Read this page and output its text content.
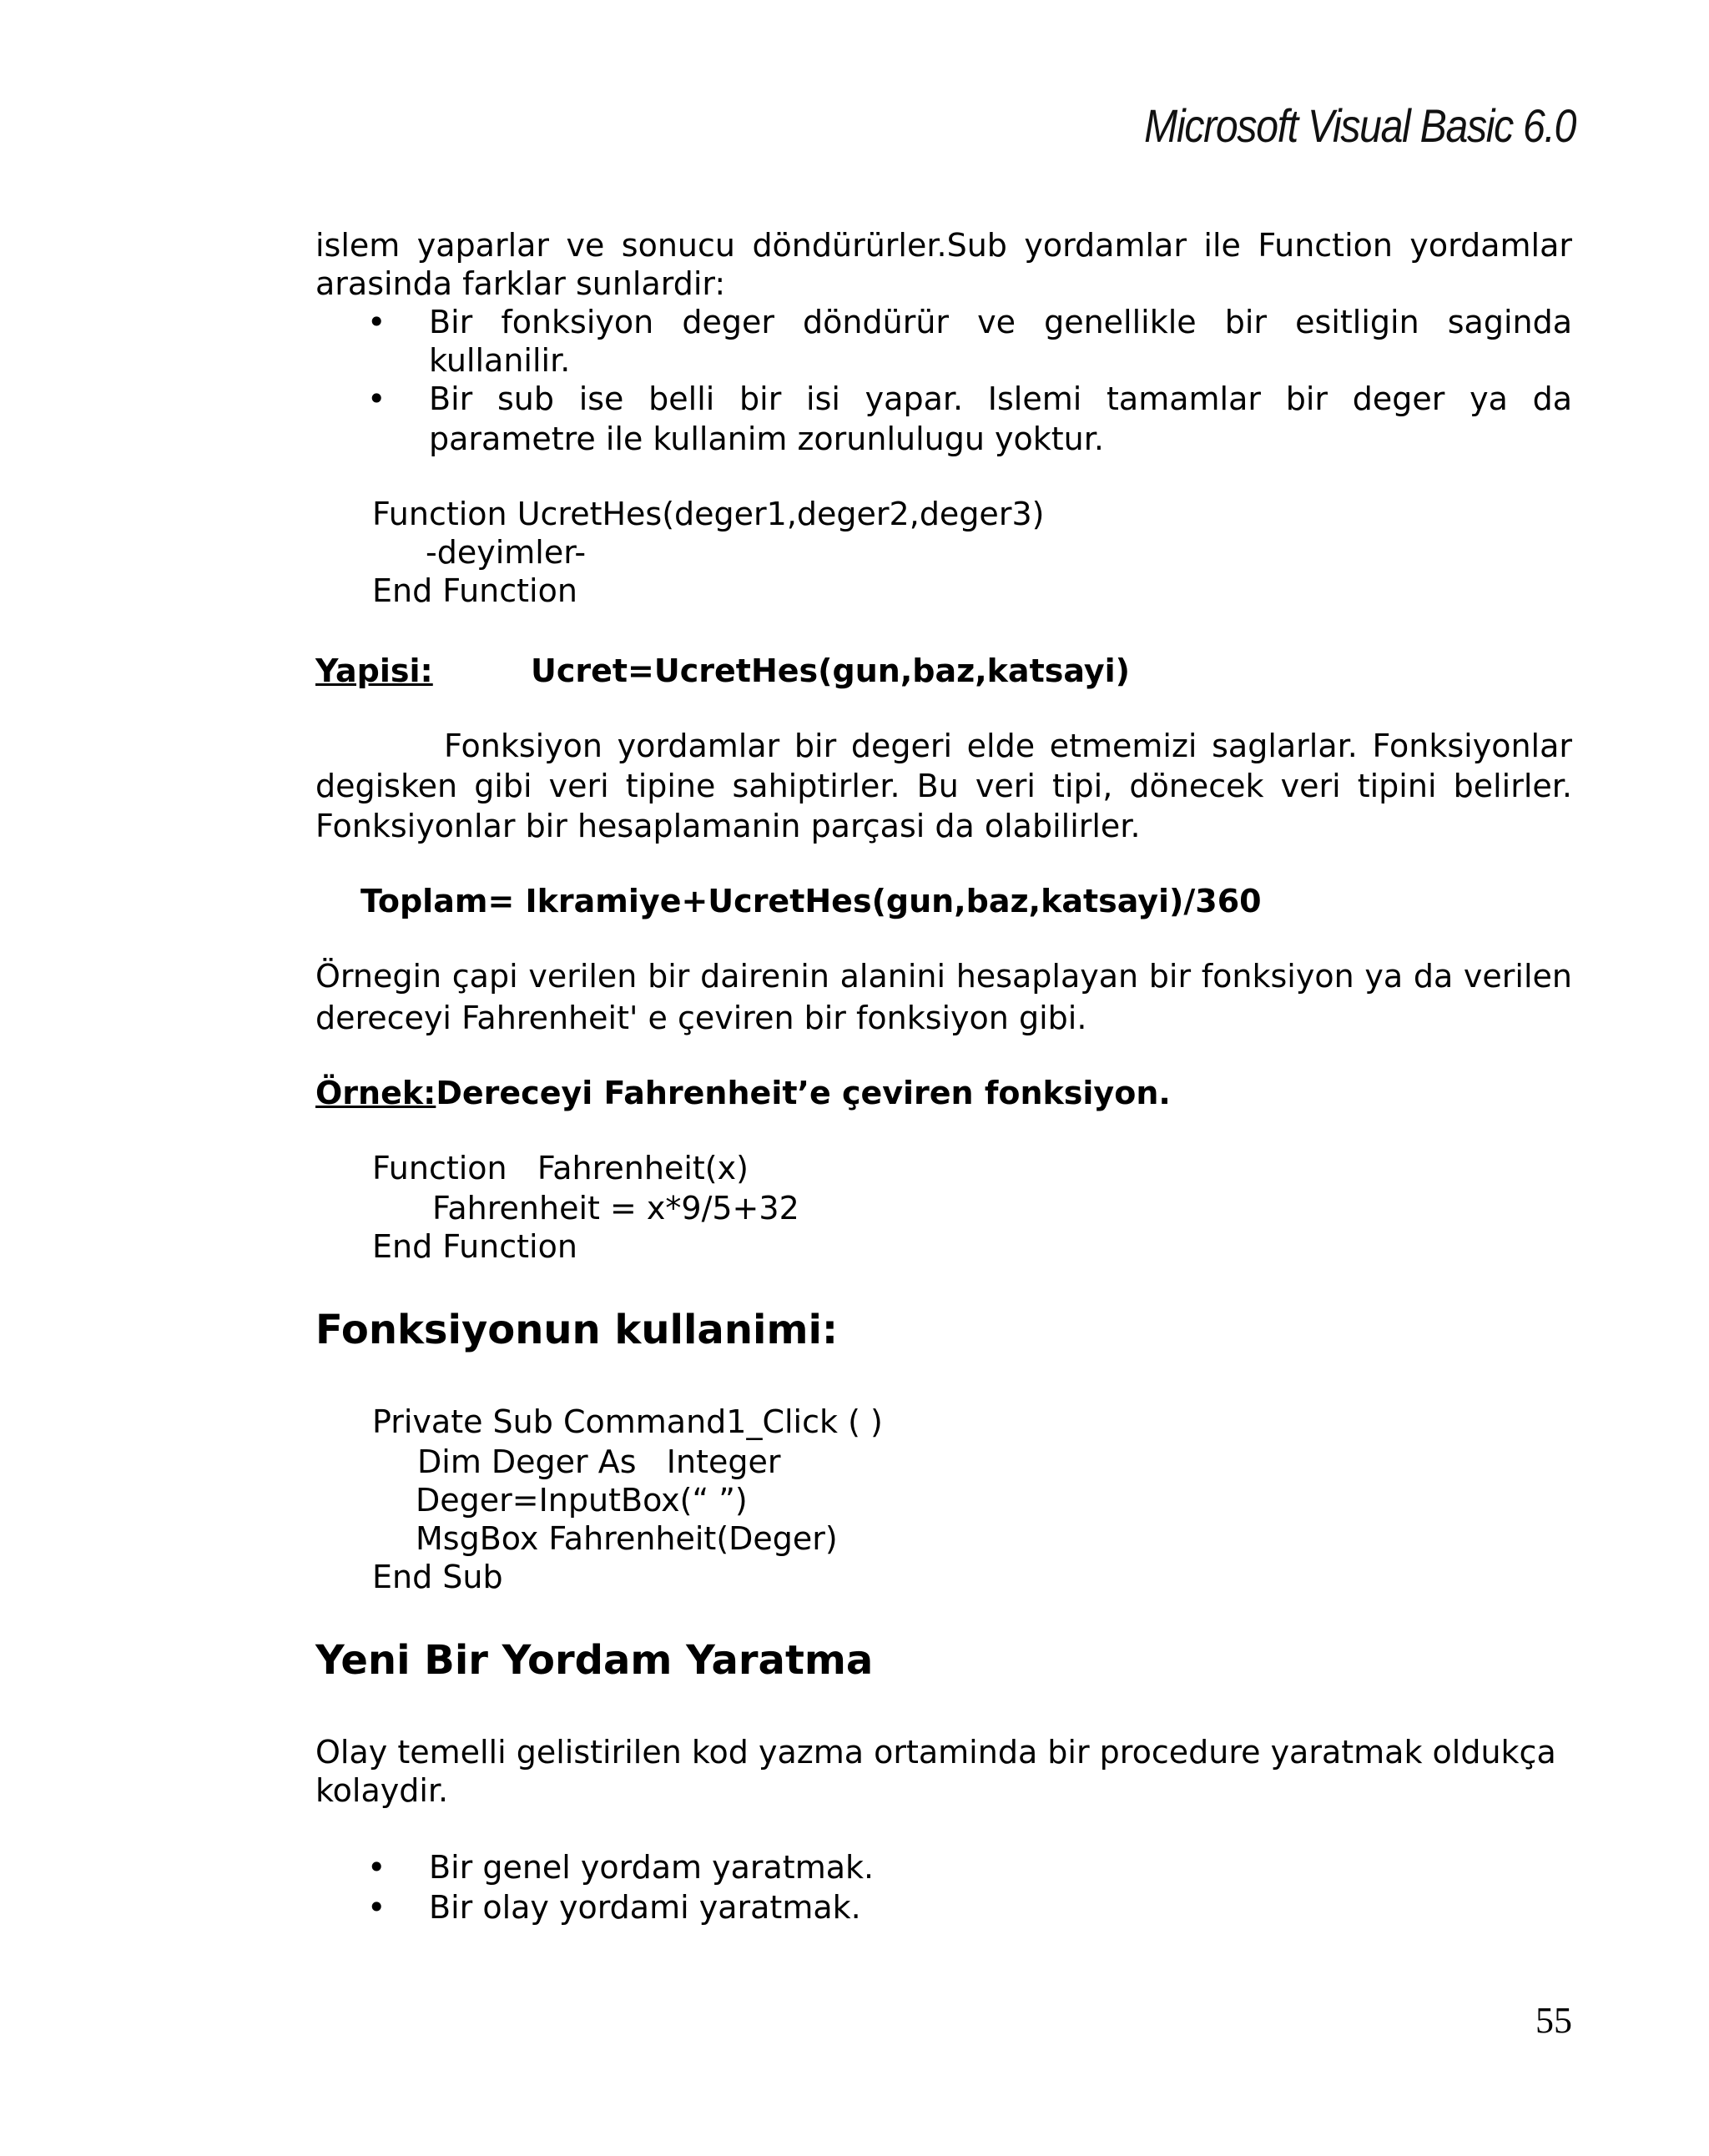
Microsoft Visual Basic 6.0
islem yaparlar ve sonucu döndürürler.Sub yordamlar ile Function yordamlar
arasinda farklar sunlardir:
•	Bir fonksiyon deger döndürür ve genellikle bir esitligin saginda
kullanilir.
•	Bir sub ise belli bir isi yapar. Islemi tamamlar bir deger ya da
parametre ile kullanim zorunlulugu yoktur.
Function UcretHes(deger1,deger2,deger3)
-deyimler-
End Function
Yapisi:	Ucret=UcretHes(gun,baz,katsayi)
Fonksiyon yordamlar bir degeri elde etmemizi saglarlar. Fonksiyonlar
degisken gibi veri tipine sahiptirler. Bu veri tipi, dönecek veri tipini belirler.
Fonksiyonlar bir hesaplamanin parçasi da olabilirler.
Toplam= Ikramiye+UcretHes(gun,baz,katsayi)/360
Örnegin çapi verilen bir dairenin alanini hesaplayan bir fonksiyon ya da verilen
dereceyi Fahrenheit' e çeviren bir fonksiyon gibi.
Örnek:Dereceyi Fahrenheit’e çeviren fonksiyon.
Function   Fahrenheit(x)
Fahrenheit = x*9/5+32
End Function
Fonksiyonun kullanimi:
Private Sub Command1_Click ( )
Dim Deger As   Integer
Deger=InputBox(“ ”)
MsgBox Fahrenheit(Deger)
End Sub
Yeni Bir Yordam Yaratma
Olay temelli gelistirilen kod yazma ortaminda bir procedure yaratmak oldukça
kolaydir.
•	Bir genel yordam yaratmak.
•	Bir olay yordami yaratmak.
55
